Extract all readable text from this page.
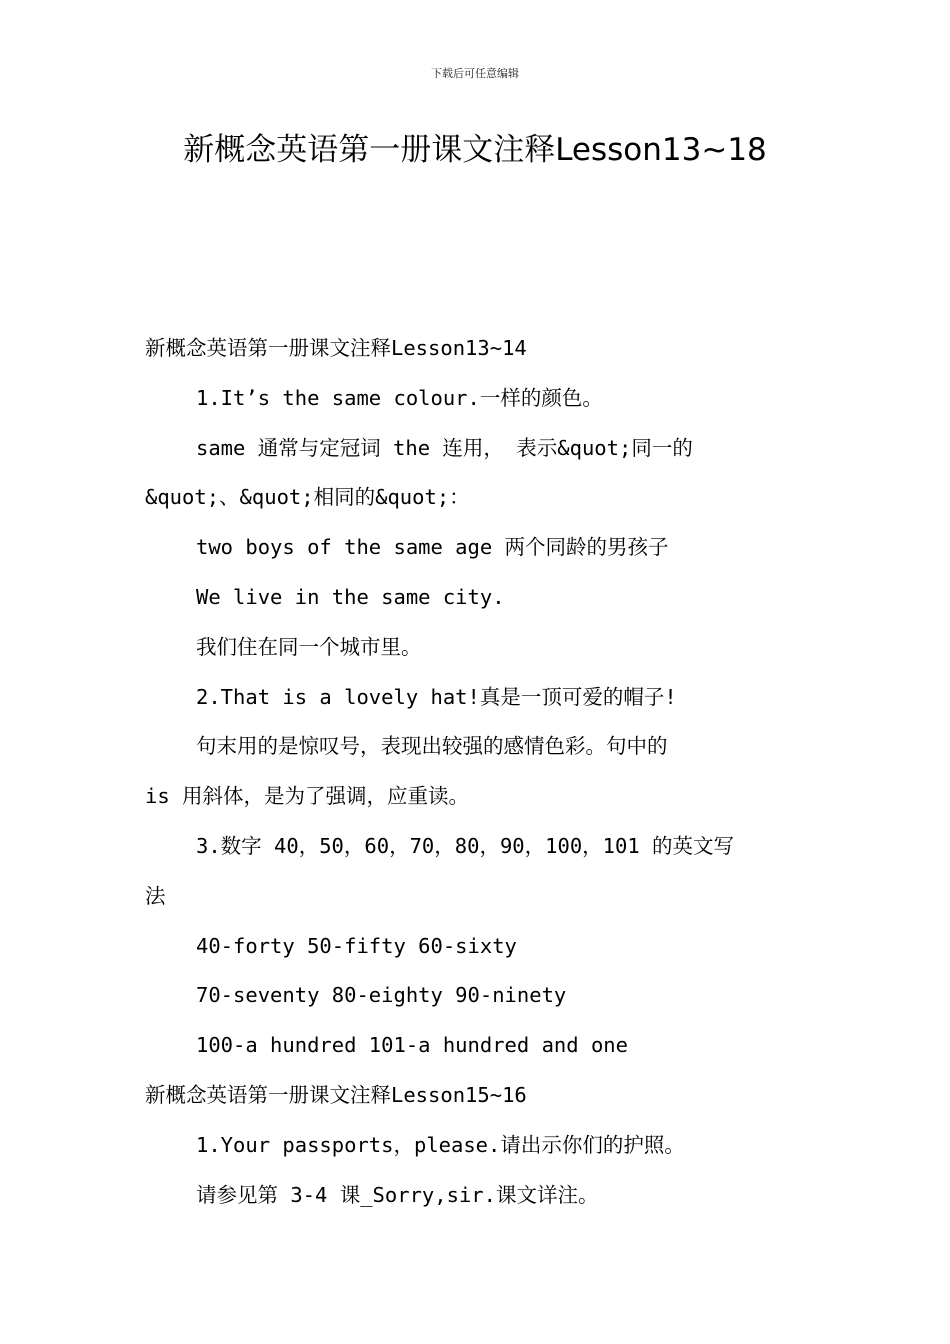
下载后可任意编辑
新概念英语第一册课文注释Lesson13~18

新概念英语第一册课文注释Lesson13~14

1.It’s the same colour.一样的颜色。

same 通常与定冠词 the 连用， 表示&quot;同一的

&quot;、&quot;相同的&quot;：

two boys of the same age 两个同龄的男孩子

We live in the same city.

我们住在同一个城市里。

2.That is a lovely hat!真是一顶可爱的帽子!

句末用的是惊叹号，表现出较强的感情色彩。句中的

is 用斜体，是为了强调，应重读。

3.数字 40，50，60，70，80，90，100，101 的英文写

法

40-forty 50-fifty 60-sixty

70-seventy 80-eighty 90-ninety

100-a hundred 101-a hundred and one

新概念英语第一册课文注释Lesson15~16

1.Your passports，please.请出示你们的护照。

请参见第 3-4 课_Sorry,sir.课文详注。
